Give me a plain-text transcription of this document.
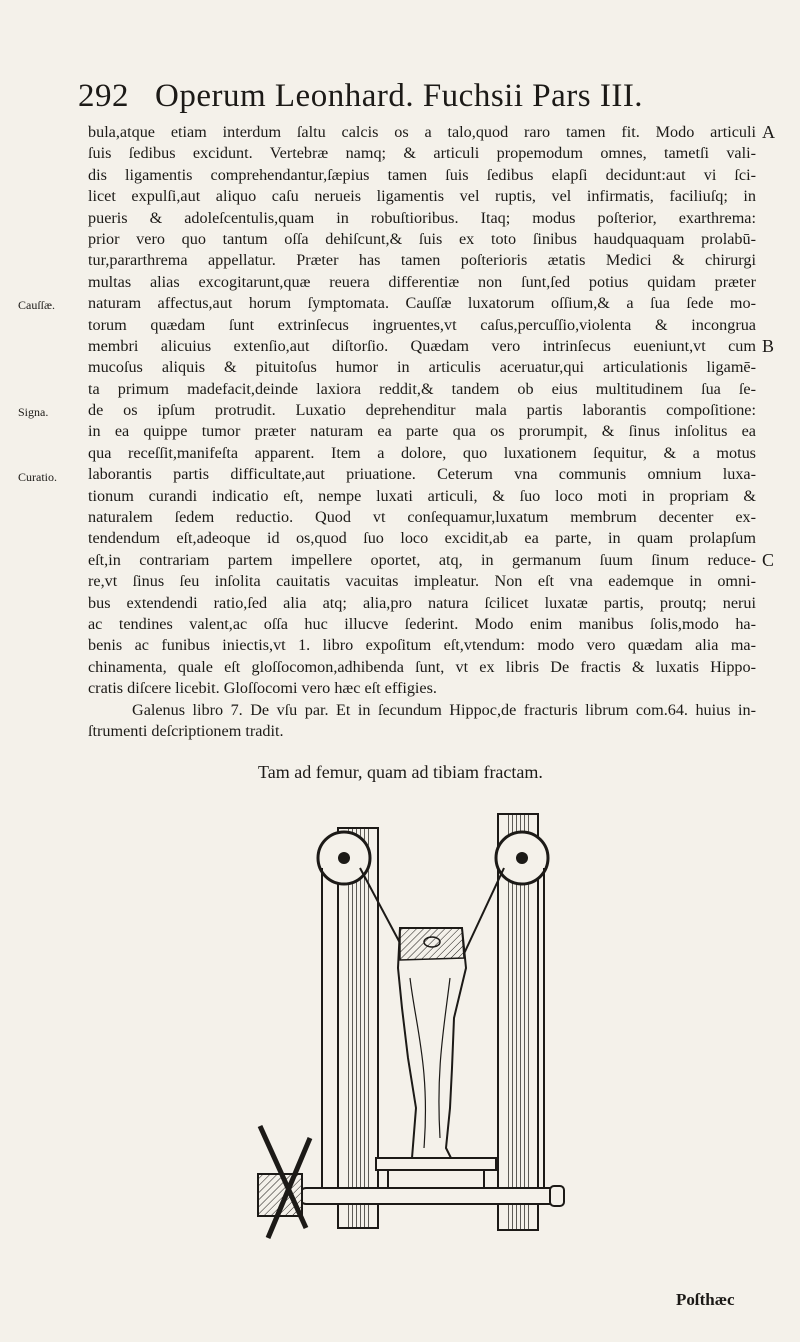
292 Operum Leonhard. Fuchsii Pars III.
bula,atque etiam interdum ſaltu calcis os a talo,quod raro tamen fit. Modo articuli
ſuis ſedibus excidunt. Vertebræ namq; & articuli propemodum omnes, tametſi vali-
dis ligamentis comprehendantur,ſæpius tamen ſuis ſedibus elapſi decidunt:aut vi ſci-
licet expulſi,aut aliquo caſu nerueis ligamentis vel ruptis, vel infirmatis, faciliuſq; in
pueris & adoleſcentulis,quam in robuſtioribus. Itaq; modus poſterior, exarthrema:
prior vero quo tantum oſſa dehiſcunt,& ſuis ex toto ſinibus haudquaquam prolabū-
tur,pararthrema appellatur. Præter has tamen poſterioris ætatis Medici & chirurgi
multas alias excogitarunt,quæ reuera differentiæ non ſunt,ſed potius quidam præter
naturam affectus,aut horum ſymptomata. Cauſſæ luxatorum oſſium,& a ſua ſede mo-
torum quædam ſunt extrinſecus ingruentes,vt caſus,percuſſio,violenta & incongrua
membri alicuius extenſio,aut diſtorſio. Quædam vero intrinſecus eueniunt,vt cum
mucoſus aliquis & pituitoſus humor in articulis aceruatur,qui articulationis ligamē-
ta primum madefacit,deinde laxiora reddit,& tandem ob eius multitudinem ſua ſe-
de os ipſum protrudit. Luxatio deprehenditur mala partis laborantis compoſitione:
in ea quippe tumor præter naturam ea parte qua os prorumpit, & ſinus inſolitus ea
qua receſſit,manifeſta apparent. Item a dolore, quo luxationem ſequitur, & a motus
laborantis partis difficultate,aut priuatione. Ceterum vna communis omnium luxa-
tionum curandi indicatio eſt, nempe luxati articuli, & ſuo loco moti in propriam &
naturalem ſedem reductio. Quod vt conſequamur,luxatum membrum decenter ex-
tendendum eſt,adeoque id os,quod ſuo loco excidit,ab ea parte, in quam prolapſum
eſt,in contrariam partem impellere oportet, atq, in germanum ſuum ſinum reduce-
re,vt ſinus ſeu inſolita cauitatis vacuitas impleatur. Non eſt vna eademque in omni-
bus extendendi ratio,ſed alia atq; alia,pro natura ſcilicet luxatæ partis, proutq; nerui
ac tendines valent,ac oſſa huc illucve ſederint. Modo enim manibus ſolis,modo ha-
benis ac funibus iniectis,vt 1. libro expoſitum eſt,vtendum: modo vero quædam alia ma-
chinamenta, quale eſt gloſſocomon,adhibenda ſunt, vt ex libris De fractis & luxatis Hippo-
cratis diſcere licebit. Gloſſocomi vero hæc eſt effigies.
Galenus libro 7. De vſu par. Et in ſecundum Hippoc,de fracturis librum com.64. huius in-
ſtrumenti deſcriptionem tradit.
Cauſſæ.
Signa.
Curatio.
A
B
C
Tam ad femur, quam ad tibiam fractam.
Poſthæc
